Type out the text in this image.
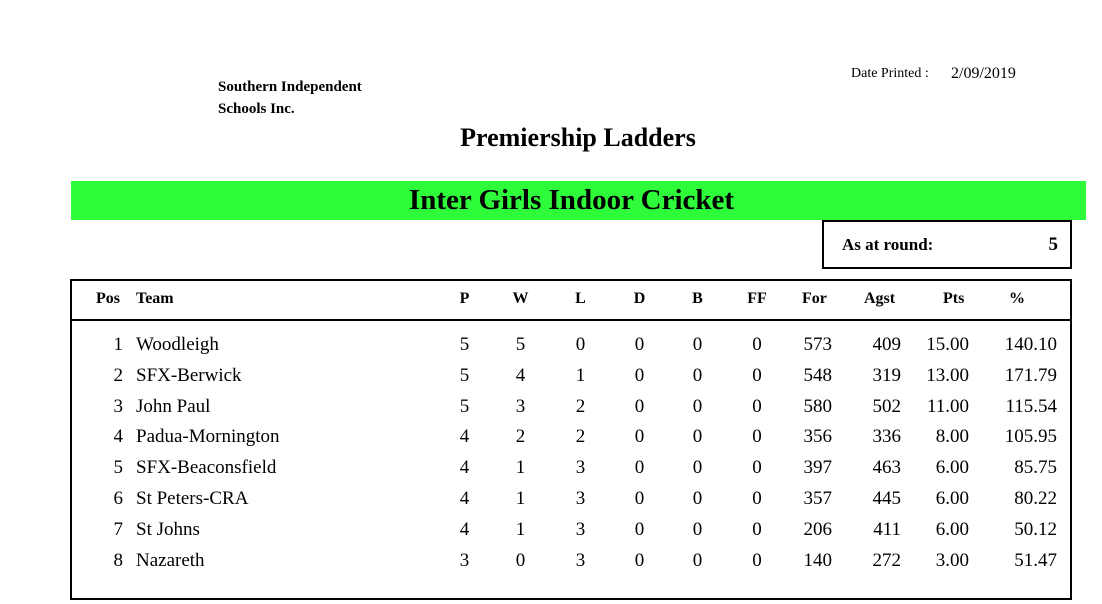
Southern Independent
Schools Inc.
Date Printed : 2/09/2019
Premiership Ladders
Inter Girls Indoor Cricket
As at round:	5
Pos Team	P	W	L	D	B	FF	For Agst	Pts	%
1 Woodleigh	5	5	0	0	0	0	573 409 15.00 140.10
2 SFX-Berwick	5	4	1	0	0	0	548 319 13.00 171.79
3 John Paul	5	3	2	0	0	0	580 502 11.00 115.54
4 Padua-Mornington	4	2	2	0	0	0	356 336 8.00 105.95
5 SFX-Beaconsfield	4	1	3	0	0	0	397 463 6.00 85.75
6 St Peters-CRA	4	1	3	0	0	0	357 445 6.00 80.22
7 St Johns	4	1	3	0	0	0	206 411 6.00 50.12
8 Nazareth	3	0	3	0	0	0	140 272 3.00 51.47
